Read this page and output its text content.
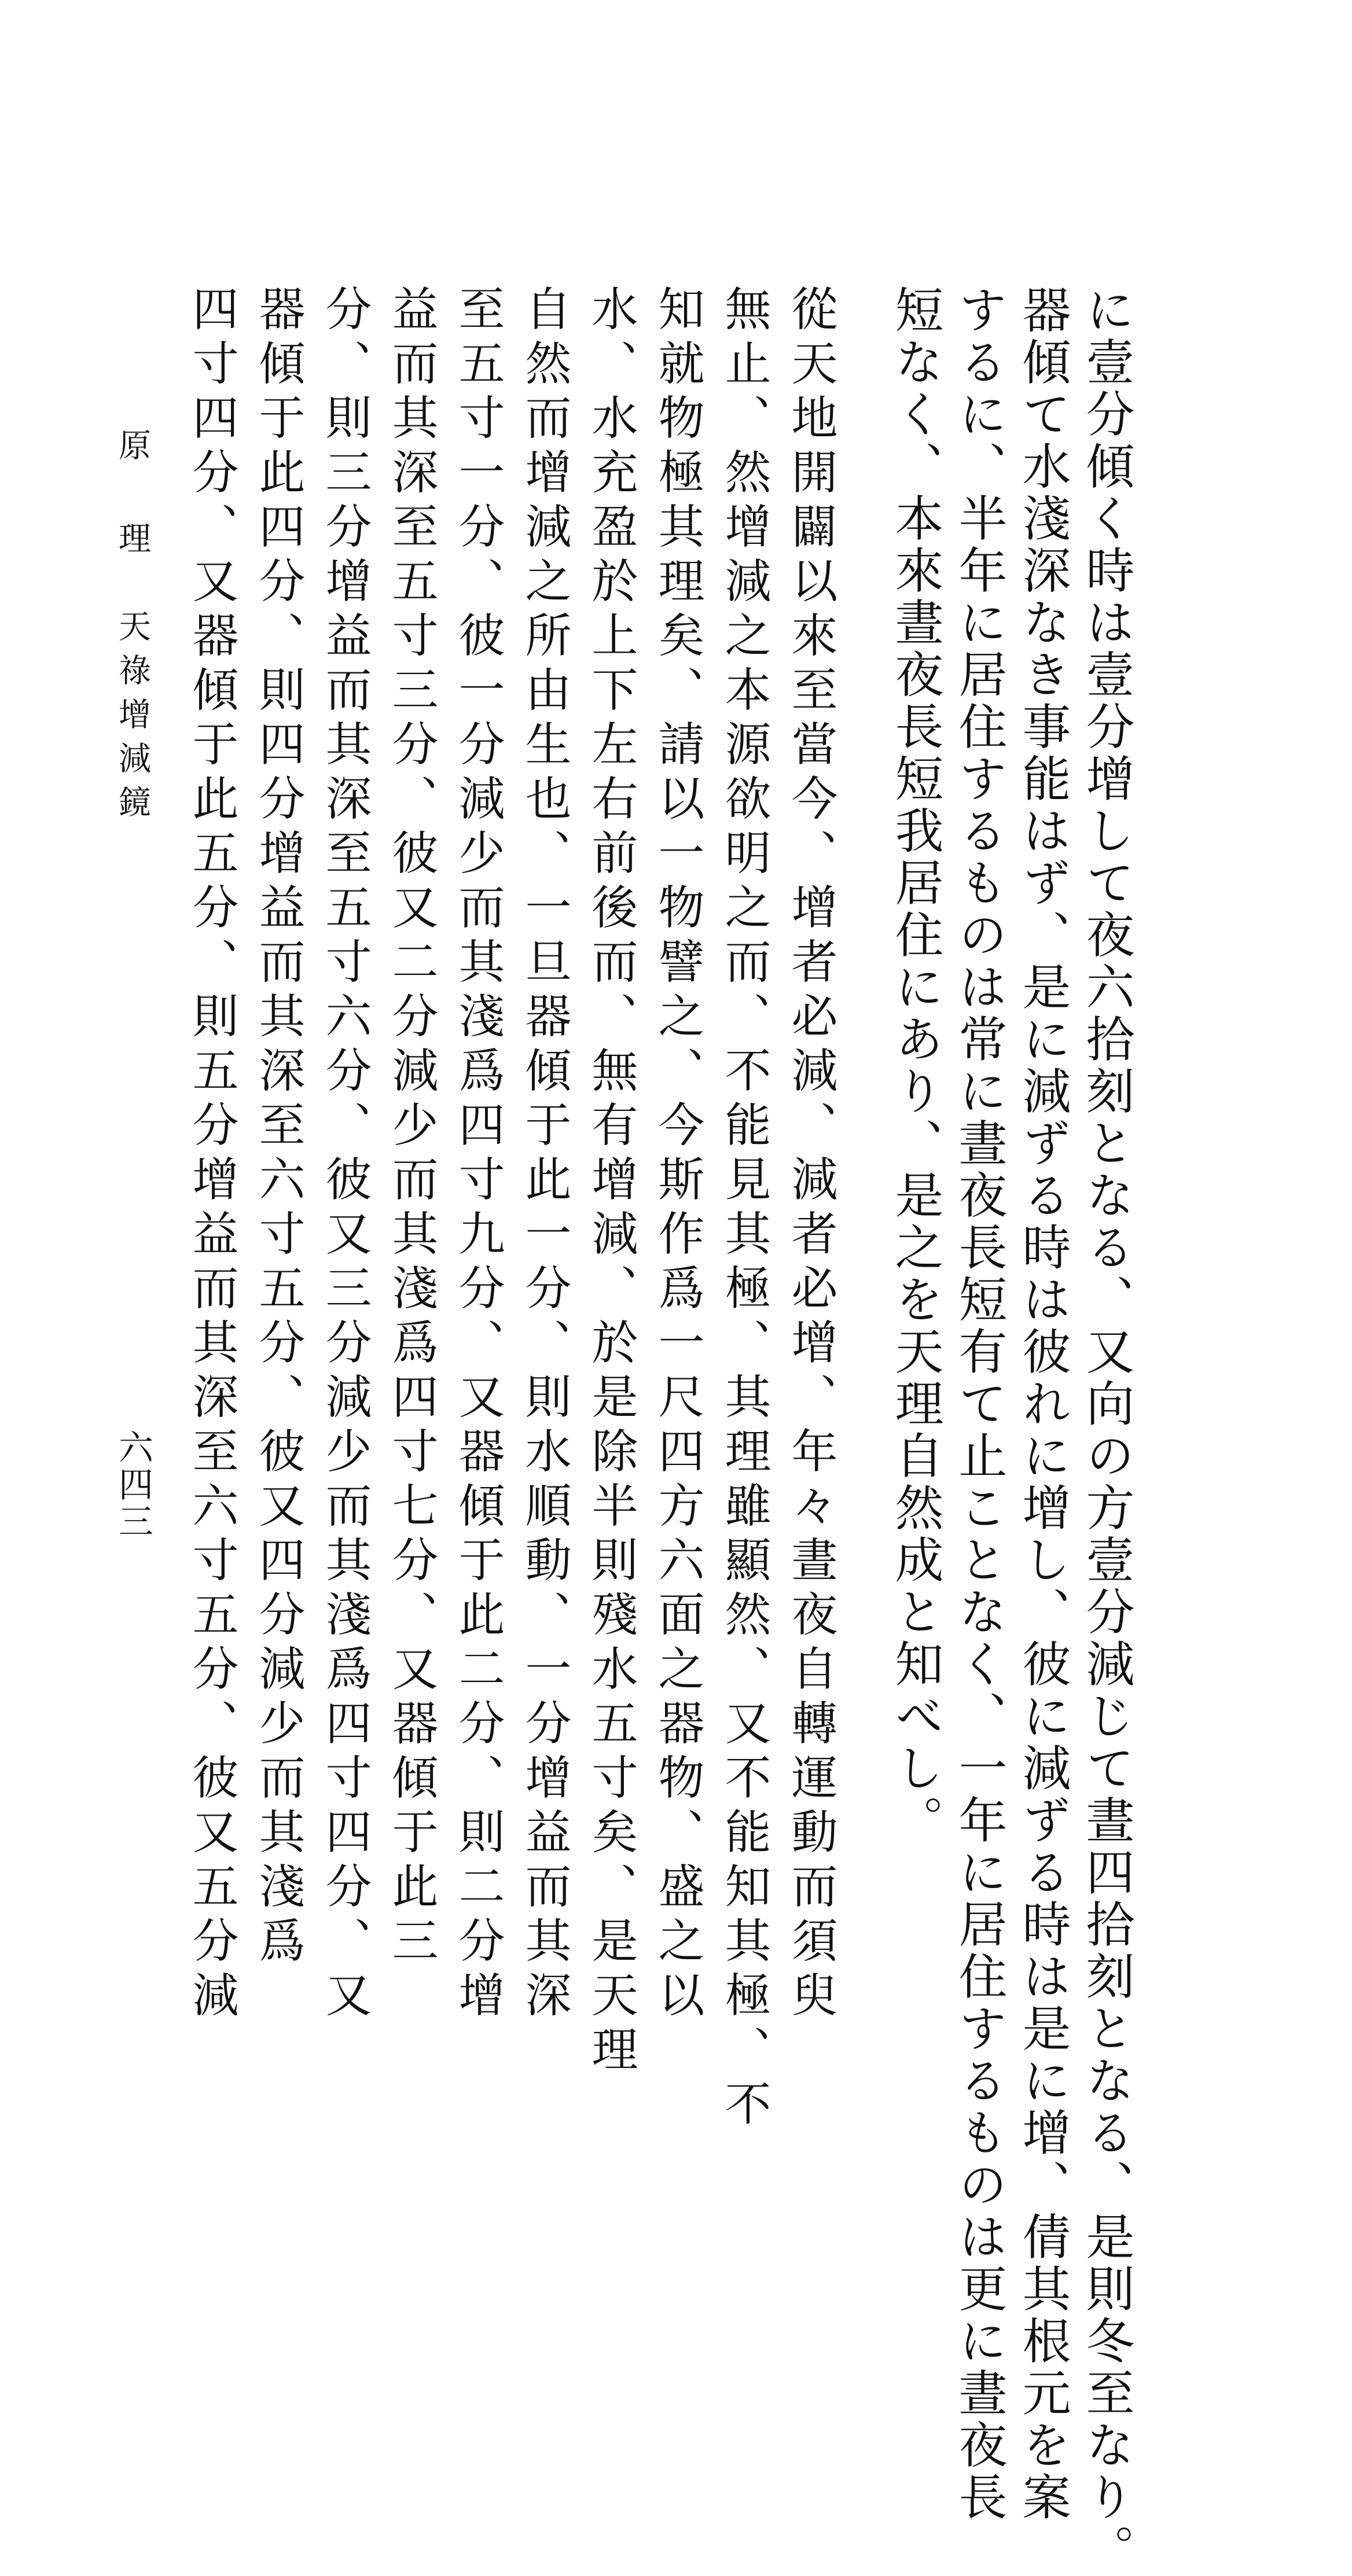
に壹分傾く時は壹分增して夜六拾刻となる、又向の方壹分減じて晝四拾刻となる、是則冬至なり。
器傾て水淺深なき事能はず、是に減ずる時は彼れに增し、彼に減ずる時は是に增、倩其根元を案
するに、半年に居住するものは常に晝夜長短有て止ことなく、一年に居住するものは更に晝夜長
短なく、本來晝夜長短我居住にあり、是之を天理自然成と知べし。
從天地開闢以來至當今、增者必減、減者必增、年々晝夜自轉運動而須臾
無止、然增減之本源欲明之而、不能見其極、其理雖顯然、又不能知其極、不
知就物極其理矣、請以一物譬之、今斯作爲一尺四方六面之器物、盛之以
水、水充盈於上下左右前後而、無有增減、於是除半則殘水五寸矣、是天理
自然而增減之所由生也、一旦器傾于此一分、則水順動、一分增益而其深
至五寸一分、彼一分減少而其淺爲四寸九分、又器傾于此二分、則二分增
益而其深至五寸三分、彼又二分減少而其淺爲四寸七分、又器傾于此三
分、則三分增益而其深至五寸六分、彼又三分減少而其淺爲四寸四分、又
器傾于此四分、則四分增益而其深至六寸五分、彼又四分減少而其淺爲
四寸四分、又器傾于此五分、則五分增益而其深至六寸五分、彼又五分減
原 理　天祿增減鏡
六四三
